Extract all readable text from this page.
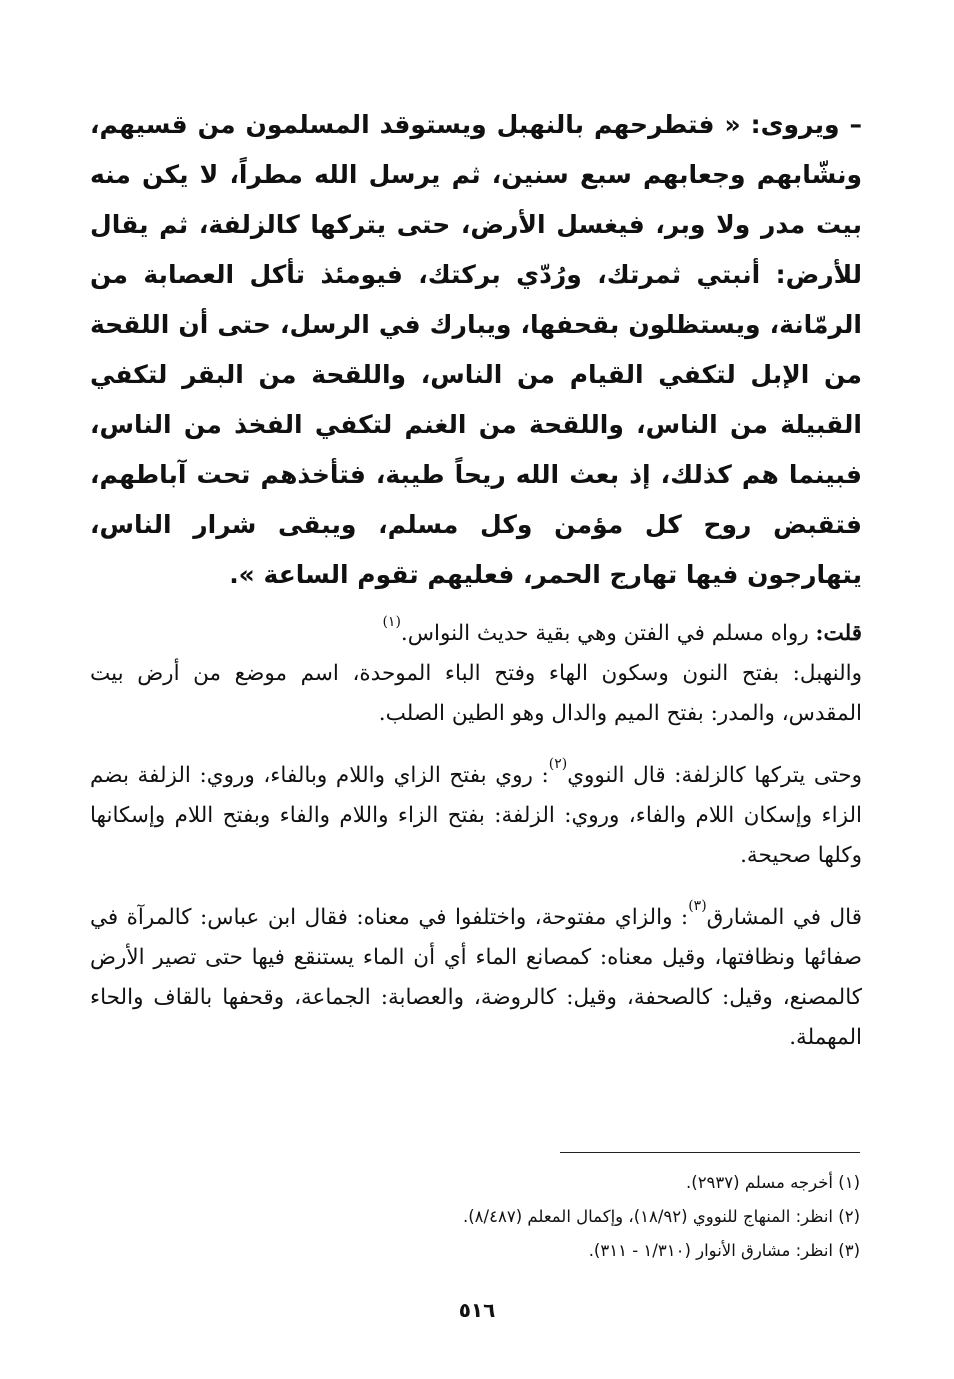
– ويروى: « فتطرحهم بالنهبل ويستوقد المسلمون من قسيهم، ونشّابهم وجعابهم سبع سنين، ثم يرسل الله مطراً، لا يكن منه بيت مدر ولا وبر، فيغسل الأرض، حتى يتركها كالزلفة، ثم يقال للأرض: أنبتي ثمرتك، ورُدّي بركتك، فيومئذ تأكل العصابة من الرمّانة، ويستظلون بقحفها، ويبارك في الرسل، حتى أن اللقحة من الإبل لتكفي القيام من الناس، واللقحة من البقر لتكفي القبيلة من الناس، واللقحة من الغنم لتكفي الفخذ من الناس، فبينما هم كذلك، إذ بعث الله ريحاً طيبة، فتأخذهم تحت آباطهم، فتقبض روح كل مؤمن وكل مسلم، ويبقى شرار الناس، يتهارجون فيها تهارج الحمر، فعليهم تقوم الساعة ».

قلت: رواه مسلم في الفتن وهي بقية حديث النواس.$^{(١)}$

والنهبل: بفتح النون وسكون الهاء وفتح الباء الموحدة، اسم موضع من أرض بيت المقدس، والمدر: بفتح الميم والدال وهو الطين الصلب.

وحتى يتركها كالزلفة: قال النووي$^{(٢)}$: روي بفتح الزاي واللام وبالفاء، وروي: الزلفة بضم الزاء وإسكان اللام والفاء، وروي: الزلفة: بفتح الزاء واللام والفاء وبفتح اللام وإسكانها وكلها صحيحة.

قال في المشارق$^{(٣)}$: والزاي مفتوحة، واختلفوا في معناه: فقال ابن عباس: كالمرآة في صفائها ونظافتها، وقيل معناه: كمصانع الماء أي أن الماء يستنقع فيها حتى تصير الأرض كالمصنع، وقيل: كالصحفة، وقيل: كالروضة، والعصابة: الجماعة، وقحفها بالقاف والحاء المهملة.

(١) أخرجه مسلم (٢٩٣٧).
(٢) انظر: المنهاج للنووي (١٨/٩٢)، وإكمال المعلم (٨/٤٨٧).
(٣) انظر: مشارق الأنوار (١/٣١٠ - ٣١١).
٥١٦
